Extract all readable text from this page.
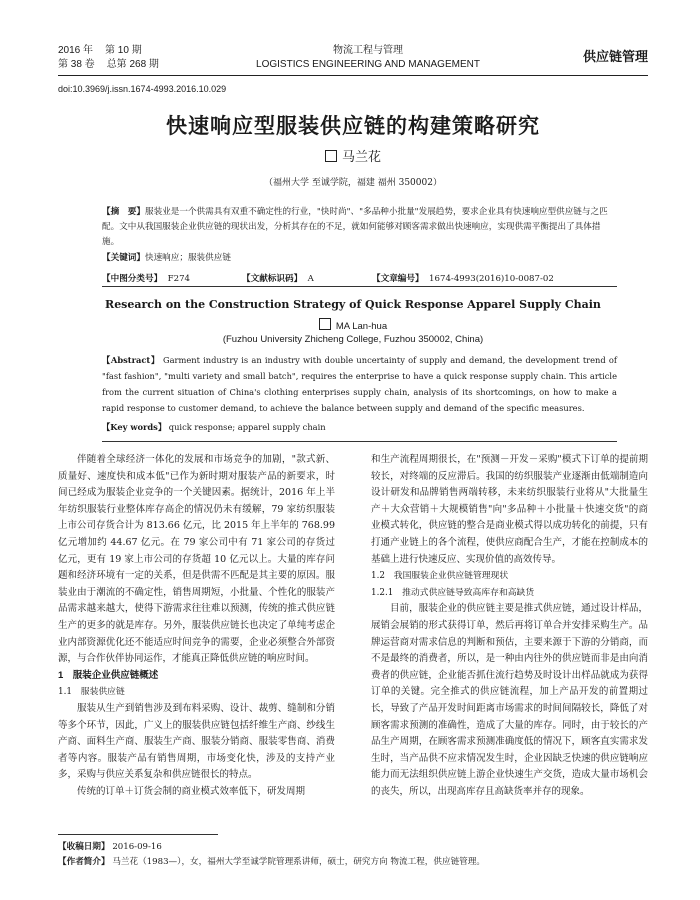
2016 年 第 10 期
第 38 卷 总第 268 期
物流工程与管理
LOGISTICS ENGINEERING AND MANAGEMENT
供应链管理
doi:10.3969/j.issn.1674-4993.2016.10.029
快速响应型服装供应链的构建策略研究
马兰花
（福州大学 至诚学院，福建 福州 350002）
【摘　要】服装业是一个供需具有双重不确定性的行业，"快时尚"、"多品种小批量"发展趋势，要求企业具有快速响应型供应链与之匹配。文中从我国服装企业供应链的现状出发，分析其存在的不足，就如何能够对顾客需求做出快速响应，实现供需平衡提出了具体措施。
【关键词】快速响应；服装供应链
【中图分类号】 F274	【文献标识码】 A	【文章编号】 1674-4993(2016)10-0087-02
Research on the Construction Strategy of Quick Response Apparel Supply Chain
MA Lan-hua
(Fuzhou University Zhicheng College, Fuzhou 350002, China)
【Abstract】 Garment industry is an industry with double uncertainty of supply and demand, the development trend of "fast fashion", "multi variety and small batch", requires the enterprise to have a quick response supply chain. This article from the current situation of China's clothing enterprises supply chain, analysis of its shortcomings, on how to make a rapid response to customer demand, to achieve the balance between supply and demand of the specific measures.
【Key words】 quick response; apparel supply chain

伴随着全球经济一体化的发展和市场竞争的加剧，"款式新、质量好、速度快和成本低"已作为新时期对服装产品的新要求，时间已经成为服装企业竞争的一个关键因素。据统计，2016 年上半年纺织服装行业整体库存高企的情况仍未有缓解，79 家纺织服装上市公司存货合计为 813.66 亿元，比 2015 年上半年的 768.99 亿元增加约 44.67 亿元。在 79 家公司中有 71 家公司的存货过亿元，更有 19 家上市公司的存货超 10 亿元以上。大量的库存问题和经济环境有一定的关系，但是供需不匹配是其主要的原因。服装业由于潮流的不确定性，销售周期短，小批量、个性化的服装产品需求越来越大，使得下游需求往往难以预测，传统的推式供应链生产的更多的就是库存。另外，服装供应链长也决定了单纯考虑企业内部资源优化还不能适应时间竞争的需要，企业必须整合外部资源，与合作伙伴协同运作，才能真正降低供应链的响应时间。

1　服装企业供应链概述
1.1　服装供应链

服装从生产到销售涉及到布料采购、设计、裁剪、缝制和分销等多个环节，因此，广义上的服装供应链包括纤维生产商、纱线生产商、面料生产商、服装生产商、服装分销商、服装零售商、消费者等内容。服装产品有销售周期，市场变化快，涉及的支持产业多，采购与供应关系复杂和供应链很长的特点。

传统的订单＋订货会制的商业模式效率低下，研发周期

和生产流程周期很长，在"预测－开发－采购"模式下订单的提前期较长，对终端的反应滞后。我国的纺织服装产业逐渐由低端制造向设计研发和品牌销售两端转移，未来纺织服装行业将从"大批量生产＋大众营销＋大规模销售"向"多品种＋小批量＋快速交货"的商业模式转化，供应链的整合是商业模式得以成功转化的前提，只有打通产业链上的各个流程，使供应商配合生产，才能在控制成本的基础上进行快速反应、实现价值的高效传导。

1.2　我国服装企业供应链管理现状
1.2.1　推动式供应链导致高库存和高缺货

目前，服装企业的供应链主要是推式供应链，通过设计样品，展销会展销的形式获得订单，然后再将订单合并安排采购生产。品牌运营商对需求信息的判断和预估，主要来源于下游的分销商，而不是最终的消费者，所以，是一种由内往外的供应链而非是由向消费者的供应链，企业能否抓住流行趋势及时设计出样品就成为获得订单的关键。完全推式的供应链流程，加上产品开发的前置期过长，导致了产品开发时间距离市场需求的时间间隔较长，降低了对顾客需求预测的准确性，造成了大量的库存。同时，由于较长的产品生产周期，在顾客需求预测准确度低的情况下，顾客直实需求发生时，当产品供不应求情况发生时，企业因缺乏快速的供应链响应能力而无法组织供应链上游企业快速生产交货，造成大量市场机会的丧失，所以，出现高库存且高缺货率并存的现象。

【收稿日期】 2016-09-16
【作者简介】 马兰花（1983—），女，福州大学至诚学院管理系讲师，硕士，研究方向 物流工程，供应链管理。
